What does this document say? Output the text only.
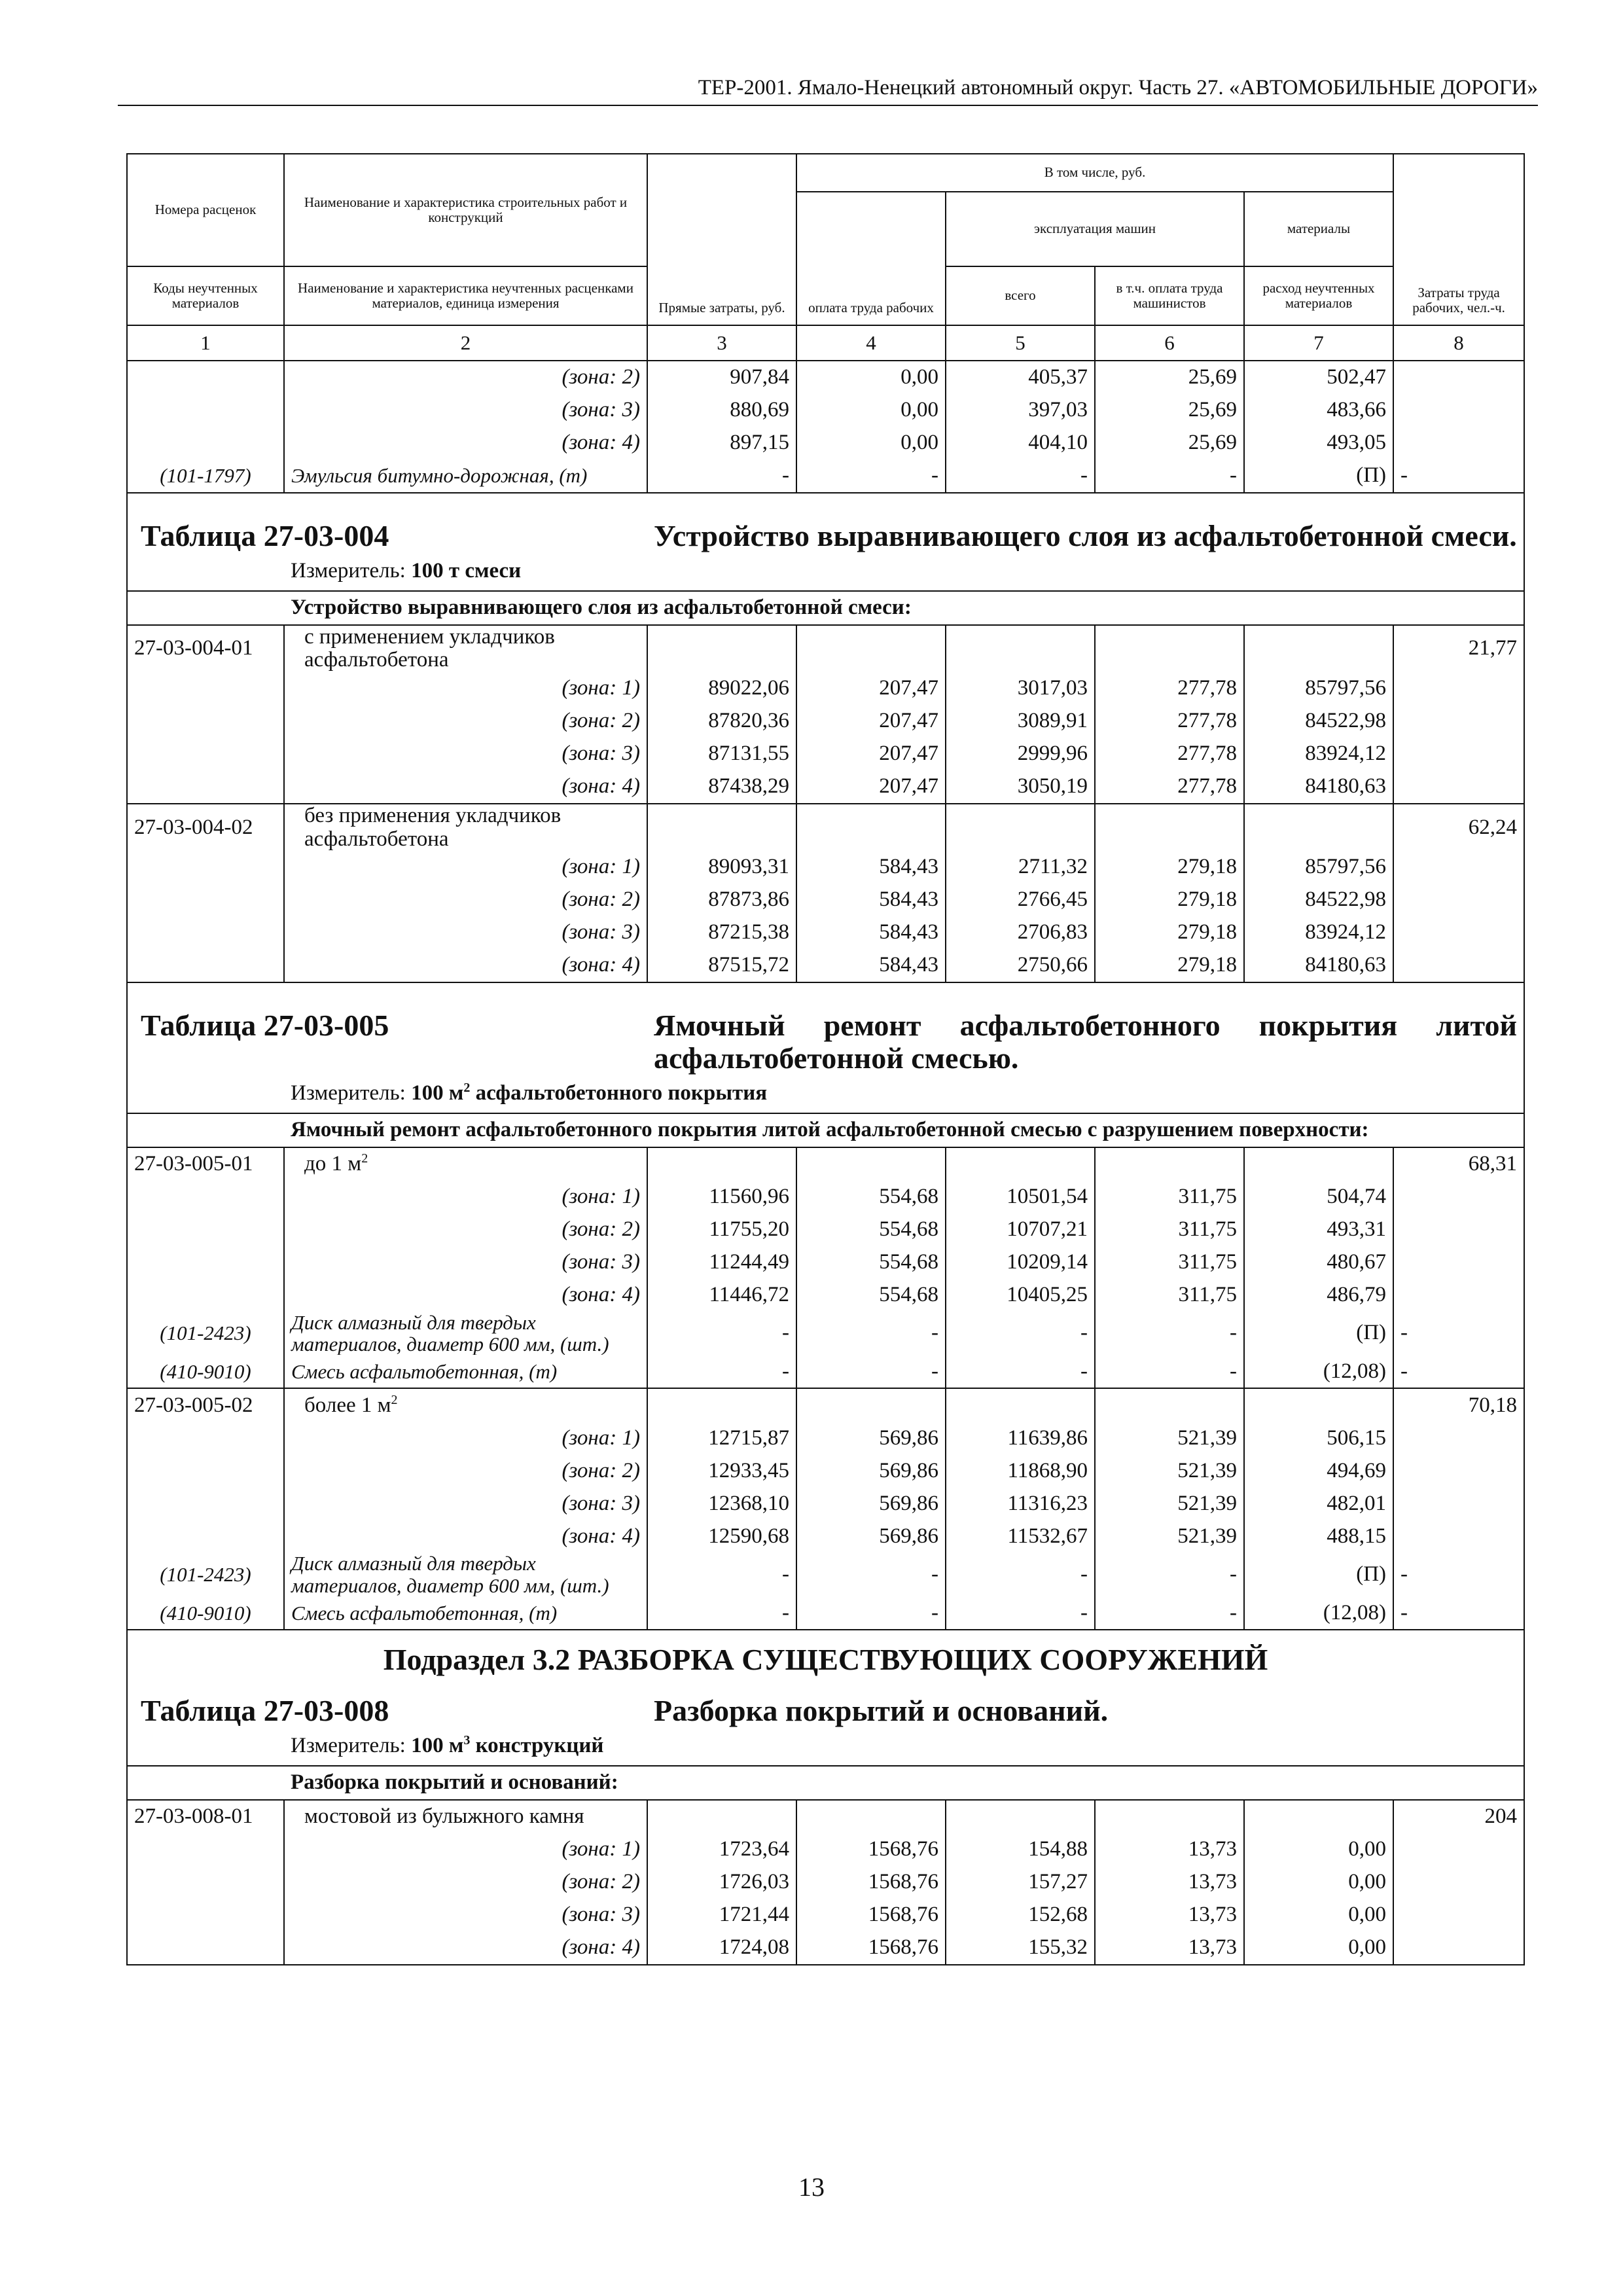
ТЕР-2001. Ямало-Ненецкий автономный округ. Часть 27. «АВТОМОБИЛЬНЫЕ ДОРОГИ»
Номера расценок	Наименование и характеристика строительных работ и конструкций	Прямые затраты, руб.	В том числе, руб.				Затраты труда рабочих, чел.-ч.
			оплата труда рабочих	эксплуатация машин		материалы	
Коды неучтенных материалов	Наименование и характеристика неучтенных расценками материалов, единица измерения			всего	в т.ч. оплата труда машинистов	расход неучтенных материалов	
1	2	3	4	5	6	7	8
	(зона: 2)	907,84	0,00	405,37	25,69	502,47	
	(зона: 3)	880,69	0,00	397,03	25,69	483,66	
	(зона: 4)	897,15	0,00	404,10	25,69	493,05	
(101-1797)	Эмульсия битумно-дорожная, (т)	-	-	-	-	(П)	-
Таблица 27-03-004		Устройство выравнивающего слоя из асфальтобетонной смеси.					
	Измеритель: 100 т смеси						
	Устройство выравнивающего слоя из асфальтобетонной смеси:						
27-03-004-01	с применением укладчиков асфальтобетона						21,77
	(зона: 1)	89022,06	207,47	3017,03	277,78	85797,56	
	(зона: 2)	87820,36	207,47	3089,91	277,78	84522,98	
	(зона: 3)	87131,55	207,47	2999,96	277,78	83924,12	
	(зона: 4)	87438,29	207,47	3050,19	277,78	84180,63	
27-03-004-02	без применения укладчиков асфальтобетона						62,24
	(зона: 1)	89093,31	584,43	2711,32	279,18	85797,56	
	(зона: 2)	87873,86	584,43	2766,45	279,18	84522,98	
	(зона: 3)	87215,38	584,43	2706,83	279,18	83924,12	
	(зона: 4)	87515,72	584,43	2750,66	279,18	84180,63	
Таблица 27-03-005		Ямочный ремонт асфальтобетонного покрытия литой асфальтобетонной смесью.					
	Измеритель: 100 $м^2$ асфальтобетонного покрытия						
	Ямочный ремонт асфальтобетонного покрытия литой асфальтобетонной смесью с разрушением поверхности:						
27-03-005-01	до 1 $м^2$						68,31
	(зона: 1)	11560,96	554,68	10501,54	311,75	504,74	
	(зона: 2)	11755,20	554,68	10707,21	311,75	493,31	
	(зона: 3)	11244,49	554,68	10209,14	311,75	480,67	
	(зона: 4)	11446,72	554,68	10405,25	311,75	486,79	
(101-2423)	Диск алмазный для твердых материалов, диаметр 600 мм, (шт.)	-	-	-	-	(П)	-
(410-9010)	Смесь асфальтобетонная, (т)	-	-	-	-	(12,08)	-
27-03-005-02	более 1 $м^2$						70,18
	(зона: 1)	12715,87	569,86	11639,86	521,39	506,15	
	(зона: 2)	12933,45	569,86	11868,90	521,39	494,69	
	(зона: 3)	12368,10	569,86	11316,23	521,39	482,01	
	(зона: 4)	12590,68	569,86	11532,67	521,39	488,15	
(101-2423)	Диск алмазный для твердых материалов, диаметр 600 мм, (шт.)	-	-	-	-	(П)	-
(410-9010)	Смесь асфальтобетонная, (т)	-	-	-	-	(12,08)	-
Подраздел 3.2 РАЗБОРКА СУЩЕСТВУЮЩИХ СООРУЖЕНИЙ							
Таблица 27-03-008		Разборка покрытий и оснований.					
	Измеритель: 100 $м^3$ конструкций						
	Разборка покрытий и оснований:						
27-03-008-01	мостовой из булыжного камня						204
	(зона: 1)	1723,64	1568,76	154,88	13,73	0,00	
	(зона: 2)	1726,03	1568,76	157,27	13,73	0,00	
	(зона: 3)	1721,44	1568,76	152,68	13,73	0,00	
	(зона: 4)	1724,08	1568,76	155,32	13,73	0,00	
13
